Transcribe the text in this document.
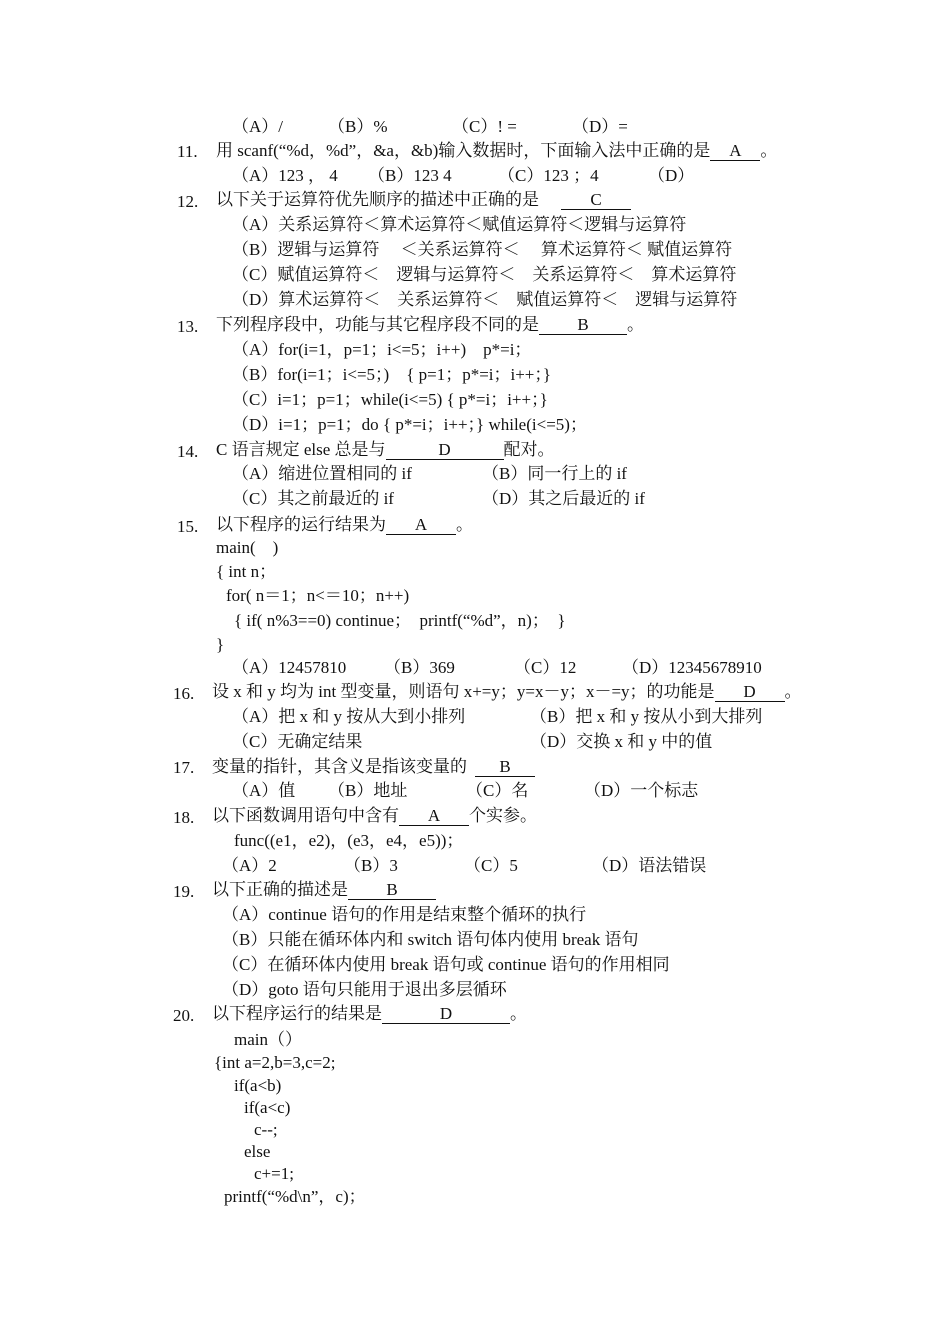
（A）/	（B）%	（C）! =	（D）=
11. 用 scanf(“%d，%d”，&a，&b)输入数据时，下面输入法中正确的是 A 。
（A）123 ， 4 （B）123 4	（C）123 ；4	（D）
12. 以下关于运算符优先顺序的描述中正确的是	C
（A）关系运算符＜算术运算符＜赋值运算符＜逻辑与运算符
（B）逻辑与运算符　 ＜关系运算符＜　 算术运算符＜ 赋值运算符
（C）赋值运算符＜　逻辑与运算符＜　关系运算符＜　算术运算符
（D）算术运算符＜　关系运算符＜　赋值运算符＜　逻辑与运算符
13. 下列程序段中，功能与其它程序段不同的是 B 。
（A）for(i=1，p=1；i<=5；i++)　p*=i；
（B）for(i=1；i<=5；)　{ p=1；p*=i；i++；}
（C）i=1；p=1；while(i<=5) { p*=i；i++；}
（D）i=1；p=1；do { p*=i；i++；} while(i<=5)；
14. C 语言规定 else 总是与	D	配对。
（A）缩进位置相同的 if	（B）同一行上的 if
（C）其之前最近的 if	（D）其之后最近的 if
15. 以下程序的运行结果为 A 。
main(　)
{ int n；
for( n＝1；n<＝10；n++)
{ if( n%3==0) continue；　printf(“%d”，n)；　}
}
（A）12457810 （B）369	（C）12	（D）12345678910
16. 设 x 和 y 均为 int 型变量，则语句 x+=y；y=x－y；x－=y；的功能是 D 。
（A）把 x 和 y 按从大到小排列	（B）把 x 和 y 按从小到大排列
（C）无确定结果	（D）交换 x 和 y 中的值
17. 变量的指针，其含义是指该变量的 B
（A）值 （B）地址	（C）名	（D）一个标志
18. 以下函数调用语句中含有 A 个实参。
func((e1，e2)，(e3，e4，e5))；
（A）2	（B）3	（C）5	（D）语法错误
19. 以下正确的描述是 B
（A）continue 语句的作用是结束整个循环的执行
（B）只能在循环体内和 switch 语句体内使用 break 语句
（C）在循环体内使用 break 语句或 continue 语句的作用相同
（D）goto 语句只能用于退出多层循环
20. 以下程序运行的结果是	D	。
main（）
{int a=2,b=3,c=2;
if(a<b)
if(a<c)
c--;
else
c+=1;
printf(“%d\n”，c)；
